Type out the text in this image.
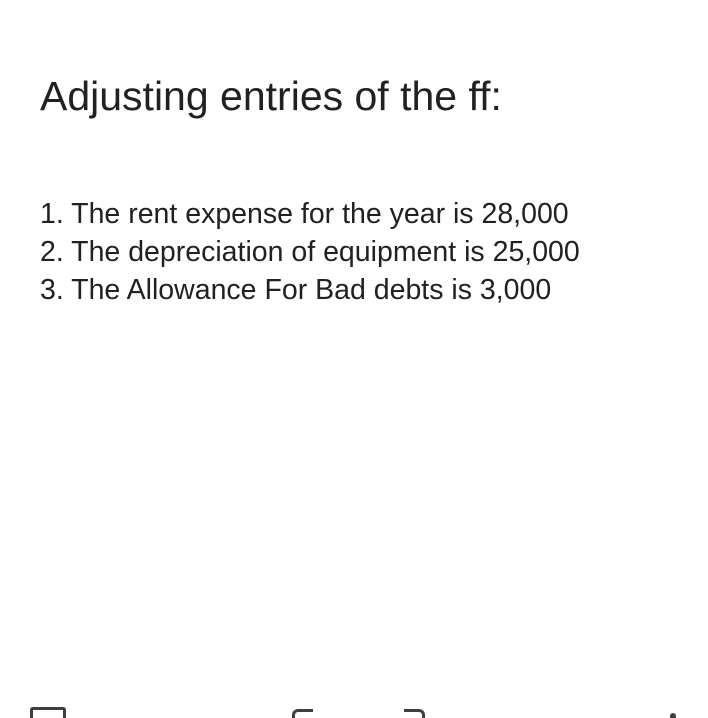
Adjusting entries of the ff:
1. The rent expense for the year is 28,000
2. The depreciation of equipment is 25,000
3. The Allowance For Bad debts is 3,000
